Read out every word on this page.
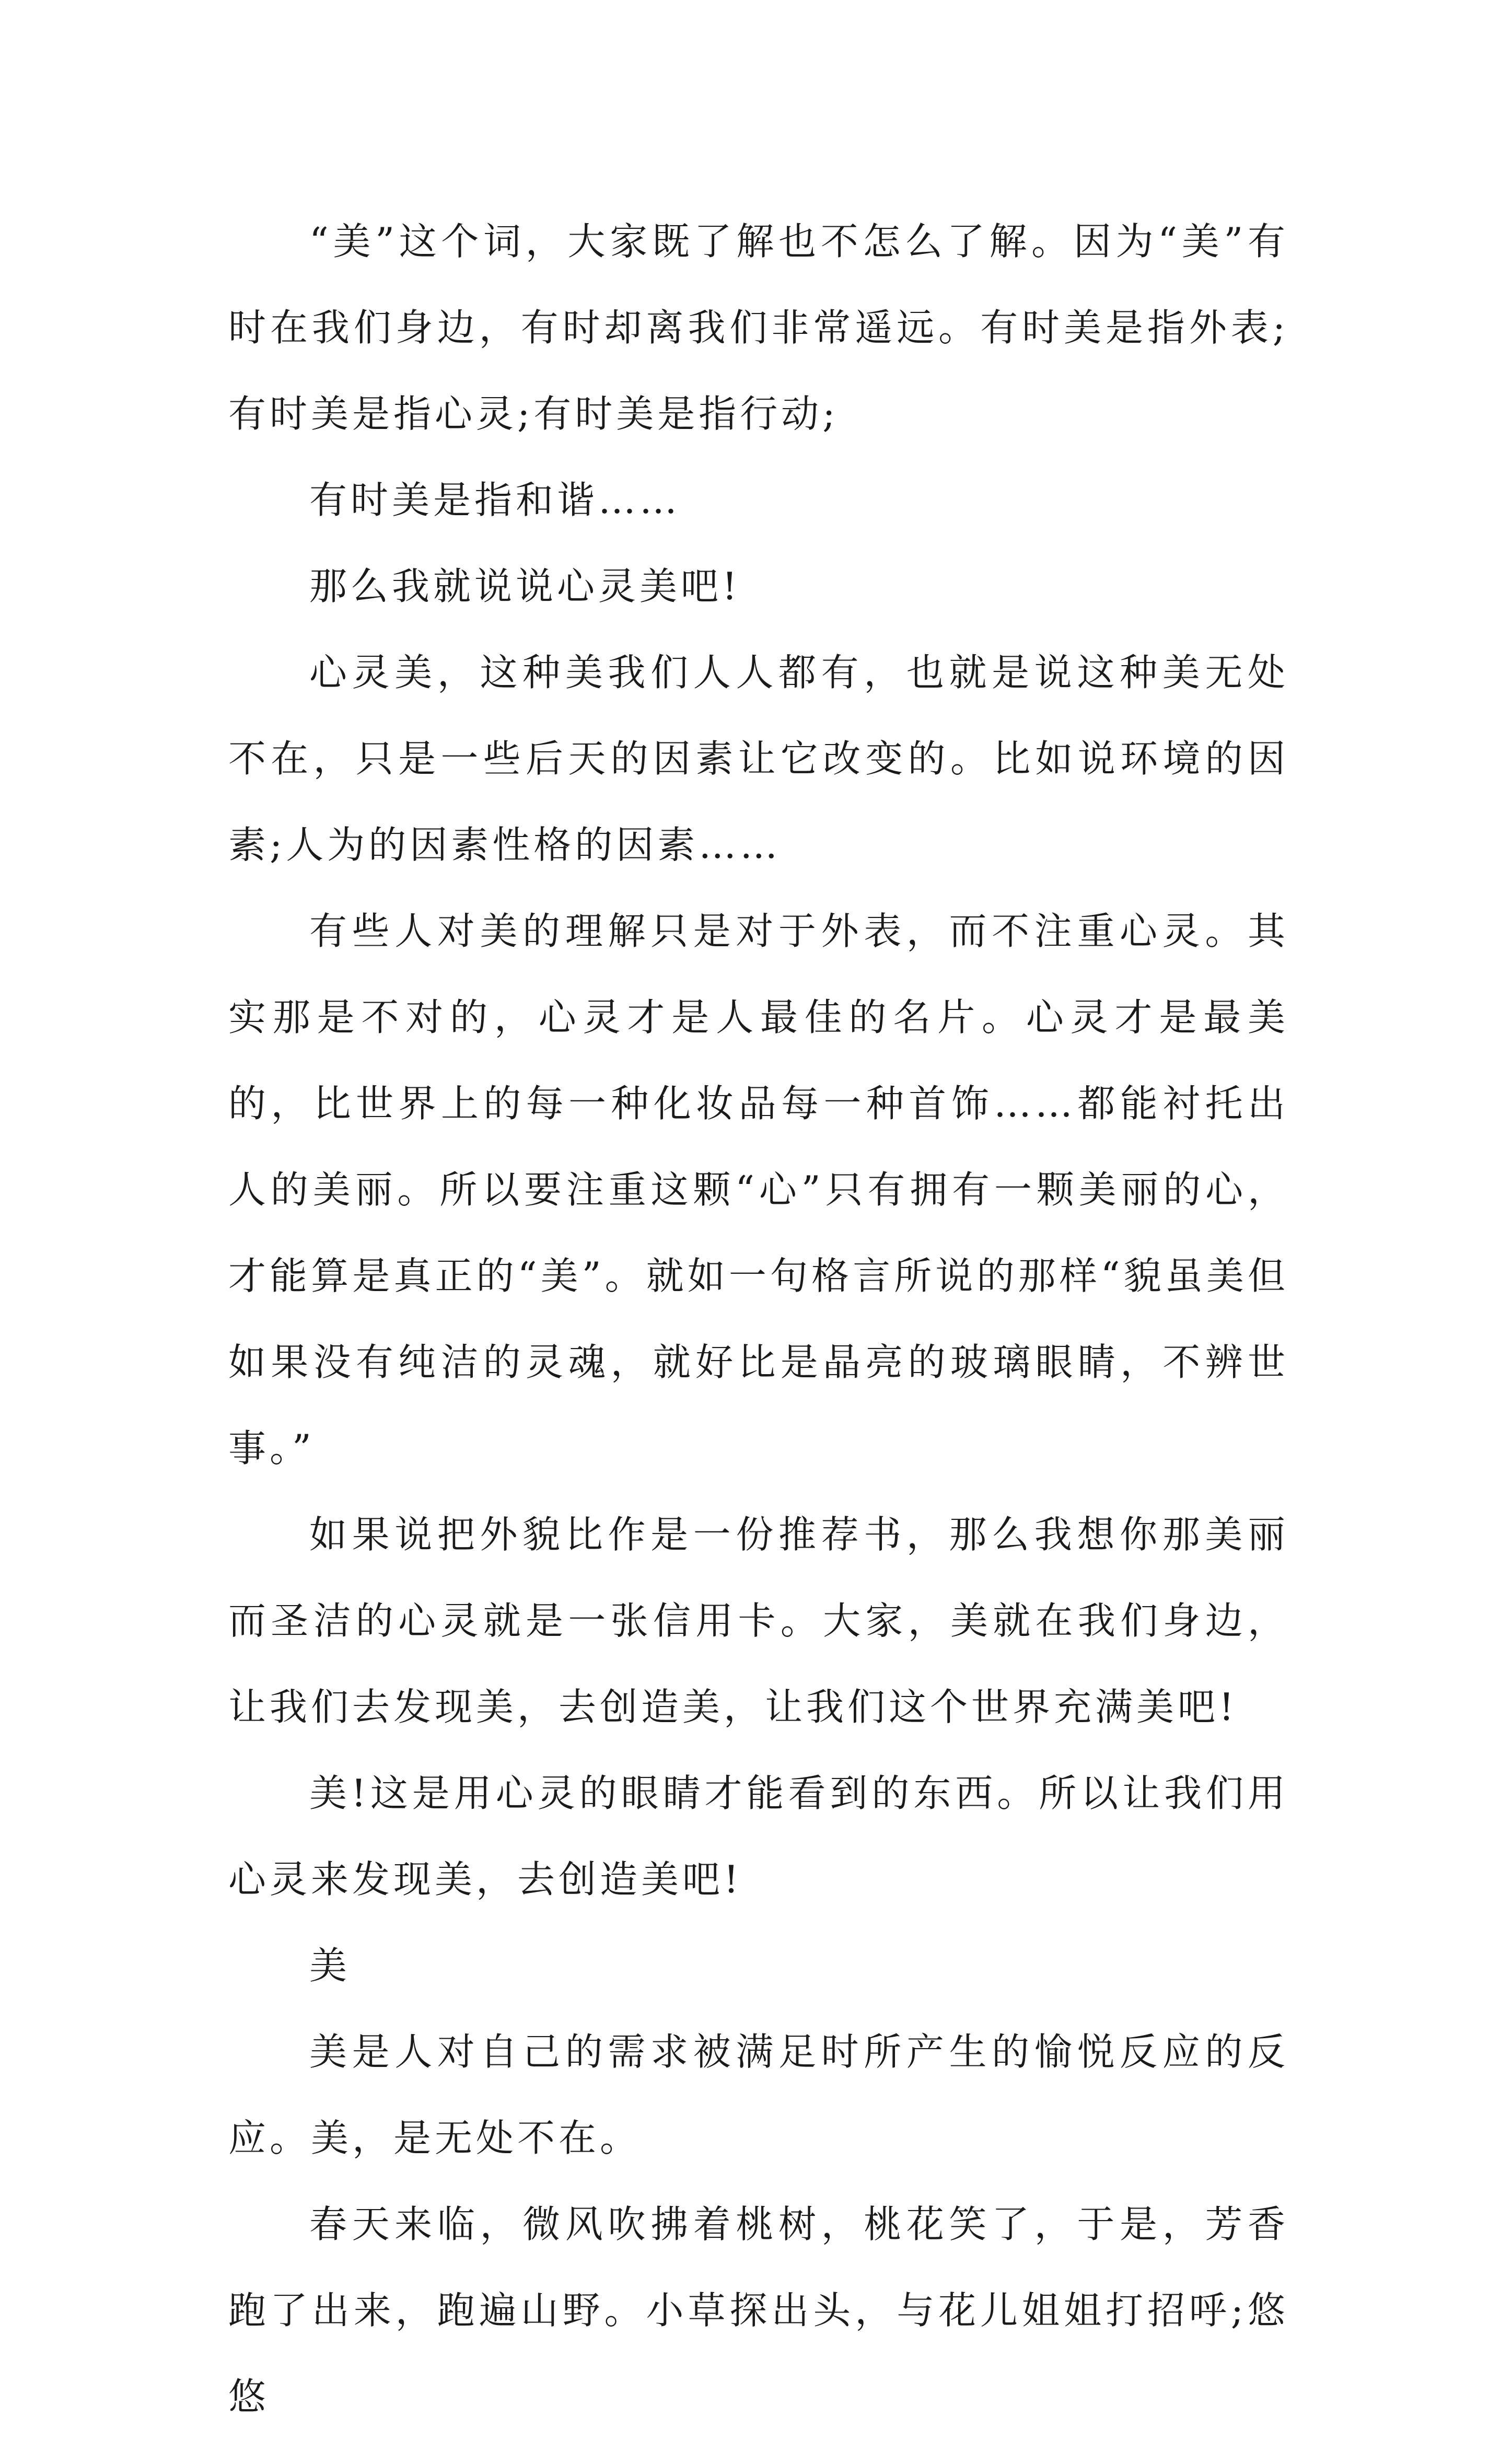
“美”这个词，大家既了解也不怎么了解。因为“美”有时在我们身边，有时却离我们非常遥远。有时美是指外表;有时美是指心灵;有时美是指行动;

有时美是指和谐……

那么我就说说心灵美吧!

心灵美，这种美我们人人都有，也就是说这种美无处不在，只是一些后天的因素让它改变的。比如说环境的因素;人为的因素性格的因素……

有些人对美的理解只是对于外表，而不注重心灵。其实那是不对的，心灵才是人最佳的名片。心灵才是最美的，比世界上的每一种化妆品每一种首饰……都能衬托出人的美丽。所以要注重这颗“心”只有拥有一颗美丽的心，才能算是真正的“美”。就如一句格言所说的那样“貌虽美但如果没有纯洁的灵魂，就好比是晶亮的玻璃眼睛，不辨世事。”

如果说把外貌比作是一份推荐书，那么我想你那美丽而圣洁的心灵就是一张信用卡。大家，美就在我们身边，让我们去发现美，去创造美，让我们这个世界充满美吧!

美!这是用心灵的眼睛才能看到的东西。所以让我们用心灵来发现美，去创造美吧!

美

美是人对自己的需求被满足时所产生的愉悦反应的反应。美，是无处不在。

春天来临，微风吹拂着桃树，桃花笑了，于是，芳香跑了出来，跑遍山野。小草探出头，与花儿姐姐打招呼;悠悠
